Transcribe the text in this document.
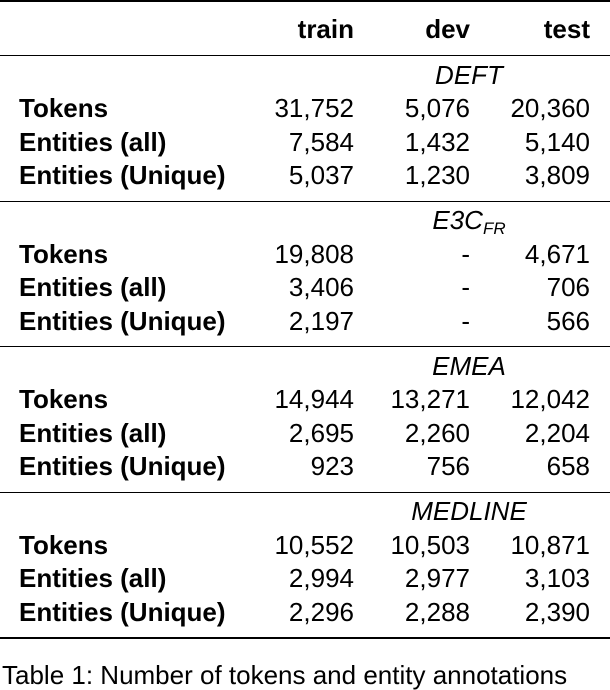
	train	dev	test

	DEFT		
Tokens	31,752	5,076	20,360
Entities (all)	7,584	1,432	5,140
Entities (Unique)	5,037	1,230	3,809

	$E3C_{FR}$
Tokens	19,808	-	4,671
Entities (all)	3,406	-	706
Entities (Unique)	2,197	-	566

	EMEA		
Tokens	14,944	13,271	12,042
Entities (all)	2,695	2,260	2,204
Entities (Unique)	923	756	658

	MEDLINE		
Tokens	10,552	10,503	10,871
Entities (all)	2,994	2,977	3,103
Entities (Unique)	2,296	2,288	2,390

Table 1: Number of tokens and entity annotations
